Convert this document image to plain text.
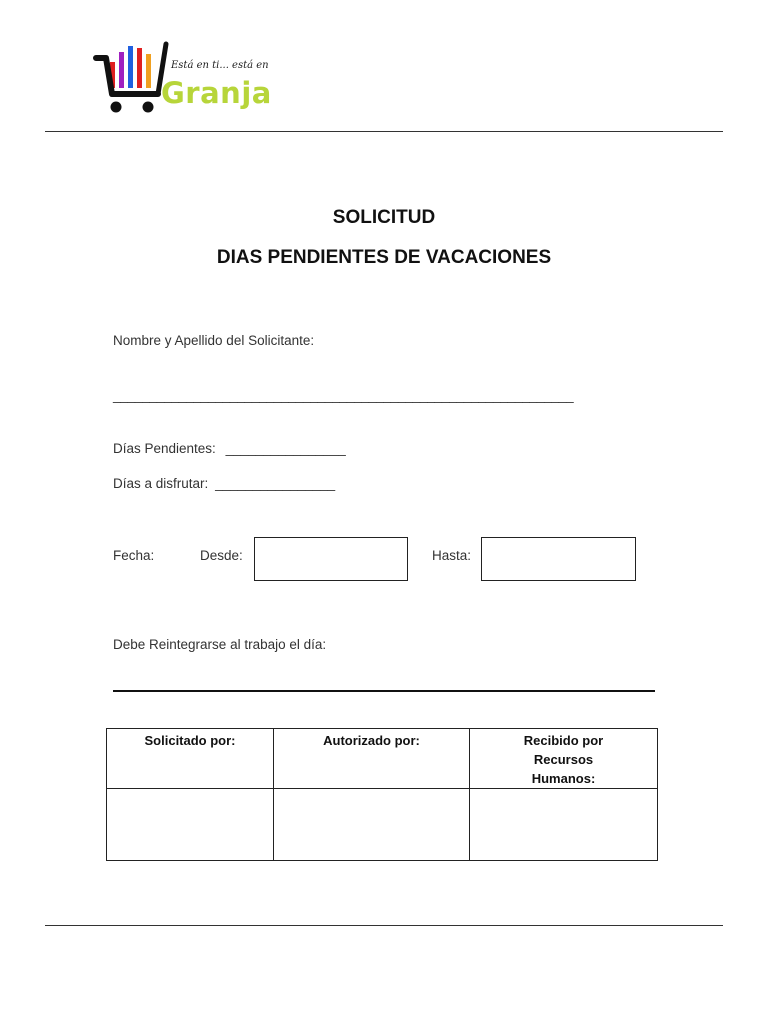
Está en ti... está en
Granja
SOLICITUD
DIAS PENDIENTES DE VACACIONES
Nombre y Apellido del Solicitante:
_______________________________________________________________
Días Pendientes: ________________
Días a disfrutar: ________________
Fecha:	Desde:	Hasta:
Debe Reintegrarse al trabajo el día:
Solicitado por:	Autorizado por:	Recibido por Recursos Humanos:
